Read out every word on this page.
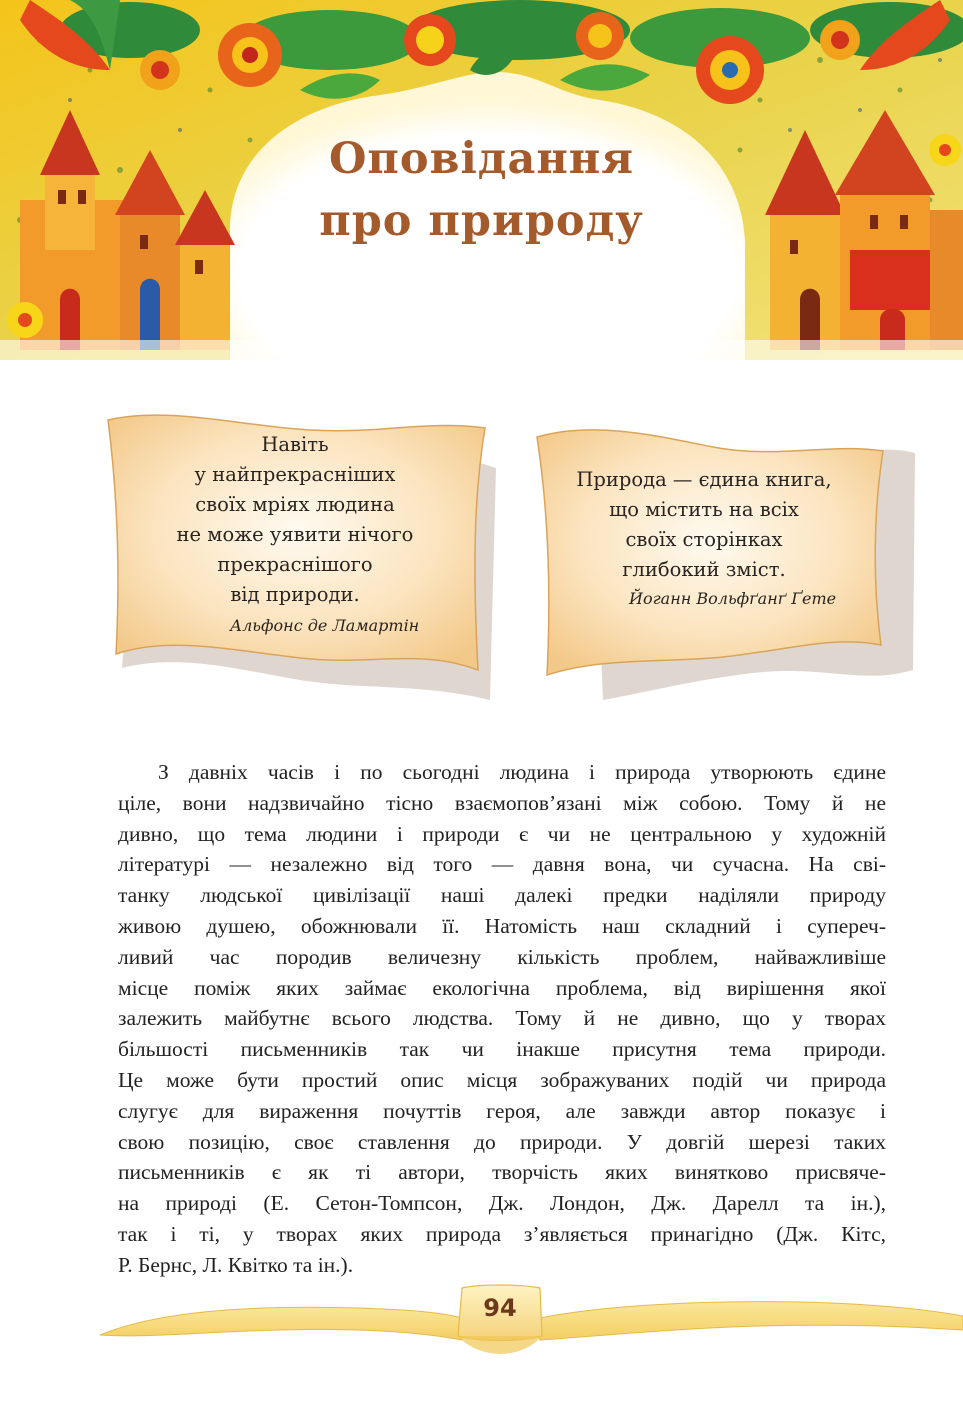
Оповідання
про природу
Навіть
у найпрекрасніших
своїх мріях людина
не може уявити нічого
прекраснішого
від природи.
Альфонс де Ламартін
Природа — єдина книга,
що містить на всіх
своїх сторінках
глибокий зміст.
Йоганн Вольфґанґ Ґете
З давніх часів і по сьогодні людина і природа утворюють єдине
ціле, вони надзвичайно тісно взаємопов’язані між собою. Тому й не
дивно, що тема людини і природи є чи не центральною у художній
літературі — незалежно від того — давня вона, чи сучасна. На сві-
танку людської цивілізації наші далекі предки наділяли природу
живою душею, обожнювали її. Натомість наш складний і супереч-
ливий час породив величезну кількість проблем, найважливіше
місце поміж яких займає екологічна проблема, від вирішення якої
залежить майбутнє всього людства. Тому й не дивно, що у творах
більшості письменників так чи інакше присутня тема природи.
Це може бути простий опис місця зображуваних подій чи природа
слугує для вираження почуттів героя, але завжди автор показує і
свою позицію, своє ставлення до природи. У довгій шерезі таких
письменників є як ті автори, творчість яких винятково присвяче-
на природі (Е. Сетон-Томпсон, Дж. Лондон, Дж. Дарелл та ін.),
так і ті, у творах яких природа з’являється принагідно (Дж. Кітс,
Р. Бернс, Л. Квітко та ін.).
94
